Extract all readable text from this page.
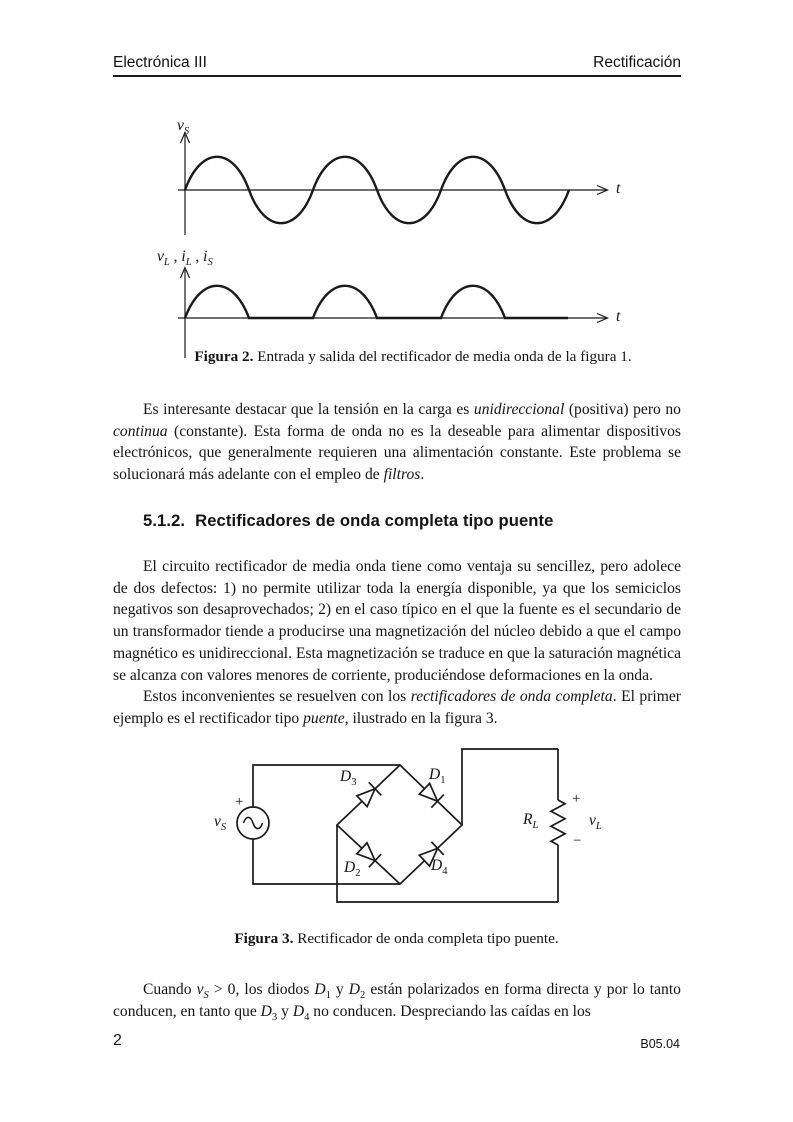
Electrónica III	Rectificación
$v_S$
t
$v_L$ , $i_L$ , $i_S$
t
Figura 2. Entrada y salida del rectificador de media onda de la figura 1.

Es interesante destacar que la tensión en la carga es unidireccional (positiva) pero no continua (constante). Esta forma de onda no es la deseable para alimentar dispositivos electrónicos, que generalmente requieren una alimentación constante. Este problema se solucionará más adelante con el empleo de filtros.

5.1.2. Rectificadores de onda completa tipo puente

El circuito rectificador de media onda tiene como ventaja su sencillez, pero adolece de dos defectos: 1) no permite utilizar toda la energía disponible, ya que los semiciclos negativos son desaprovechados; 2) en el caso típico en el que la fuente es el secundario de un transformador tiende a producirse una magnetización del núcleo debido a que el campo magnético es unidireccional. Esta magnetización se traduce en que la saturación magnética se alcanza con valores menores de corriente, produciéndose deformaciones en la onda.

Estos inconvenientes se resuelven con los rectificadores de onda completa. El primer ejemplo es el rectificador tipo puente, ilustrado en la figura 3.

+
$v_S$
$D_3$	$D_1$
$D_2$	$D_4$
$R_L$
+
−
$v_L$
Figura 3. Rectificador de onda completa tipo puente.

Cuando $v_S > 0$, los diodos $D_1$ y $D_2$ están polarizados en forma directa y por lo tanto conducen, en tanto que $D_3$ y $D_4$ no conducen. Despreciando las caídas en los

2	B05.04
